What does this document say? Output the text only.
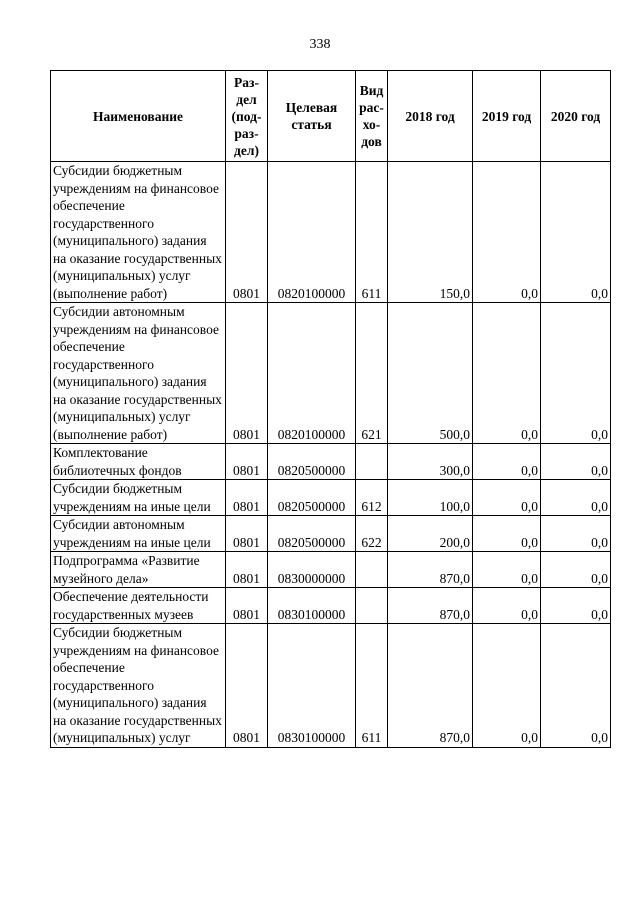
338
Наименование	Раз-
дел
(под-
раз-
дел)	Целевая
статья	Вид
рас-
хо-
дов	2018 год	2019 год	2020 год
Субсидии бюджетным учреждениям на финансовое обеспечение государственного (муниципального) задания на оказание государственных (муниципальных) услуг (выполнение работ)	0801	0820100000	611	150,0	0,0	0,0
Субсидии автономным учреждениям на финансовое обеспечение государственного (муниципального) задания на оказание государственных (муниципальных) услуг (выполнение работ)	0801	0820100000	621	500,0	0,0	0,0
Комплектование библиотечных фондов	0801	0820500000		300,0	0,0	0,0
Субсидии бюджетным учреждениям на иные цели	0801	0820500000	612	100,0	0,0	0,0
Субсидии автономным учреждениям на иные цели	0801	0820500000	622	200,0	0,0	0,0
Подпрограмма «Развитие музейного дела»	0801	0830000000		870,0	0,0	0,0
Обеспечение деятельности государственных музеев	0801	0830100000		870,0	0,0	0,0
Субсидии бюджетным учреждениям на финансовое обеспечение государственного (муниципального) задания на оказание государственных (муниципальных) услуг	0801	0830100000	611	870,0	0,0	0,0
